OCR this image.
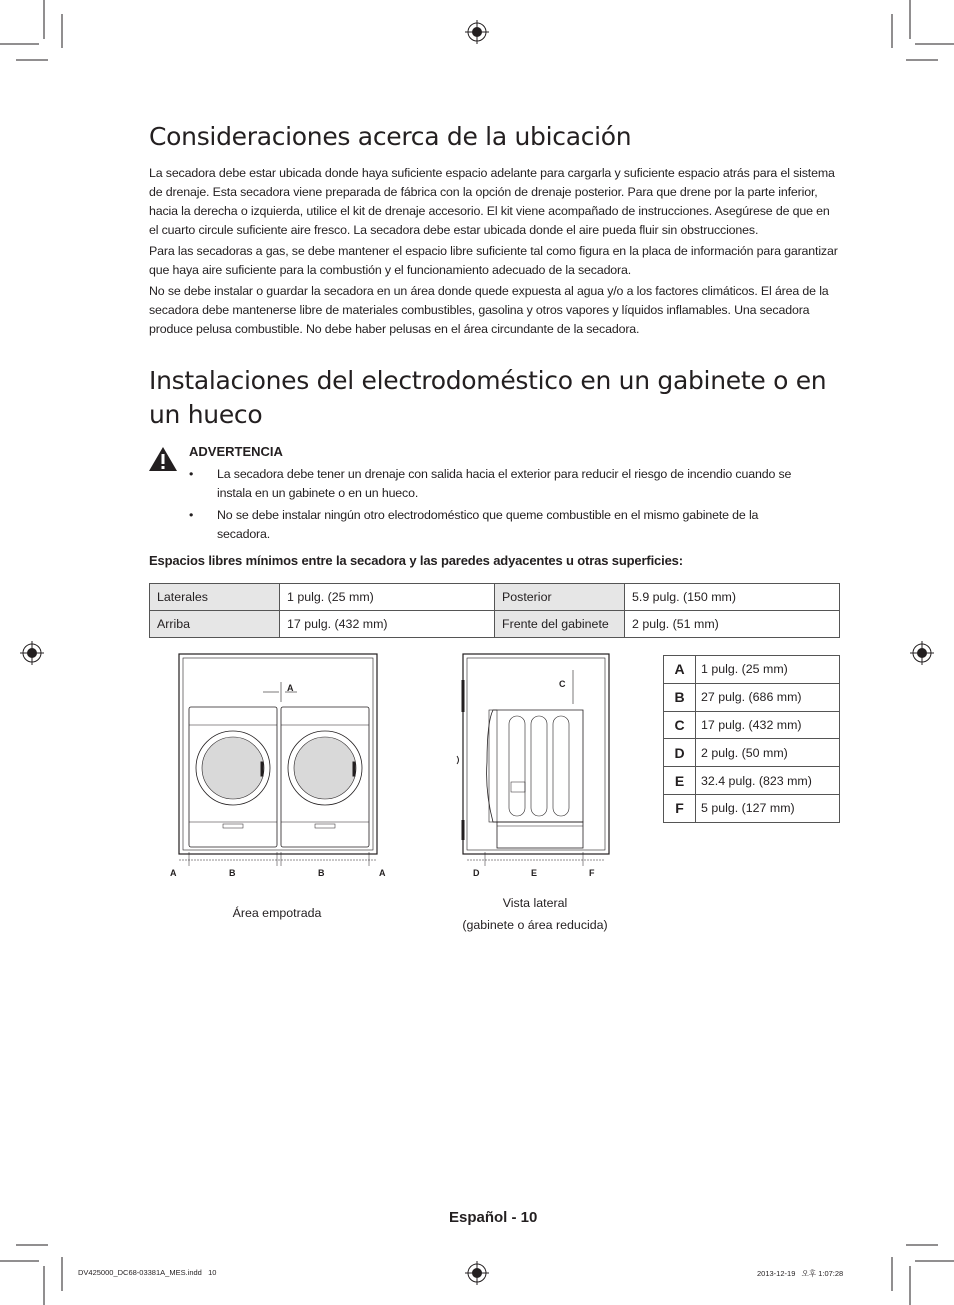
Consideraciones acerca de la ubicación

La secadora debe estar ubicada donde haya suficiente espacio adelante para cargarla y suficiente espacio atrás para el sistema de drenaje. Esta secadora viene preparada de fábrica con la opción de drenaje posterior. Para que drene por la parte inferior, hacia la derecha o izquierda, utilice el kit de drenaje accesorio. El kit viene acompañado de instrucciones. Asegúrese de que en el cuarto circule suficiente aire fresco. La secadora debe estar ubicada donde el aire pueda fluir sin obstrucciones.

Para las secadoras a gas, se debe mantener el espacio libre suficiente tal como figura en la placa de información para garantizar que haya aire suficiente para la combustión y el funcionamiento adecuado de la secadora.

No se debe instalar o guardar la secadora en un área donde quede expuesta al agua y/o a los factores climáticos. El área de la secadora debe mantenerse libre de materiales combustibles, gasolina y otros vapores y líquidos inflamables. Una secadora produce pelusa combustible. No debe haber pelusas en el área circundante de la secadora.

Instalaciones del electrodoméstico en un gabinete o en un hueco
ADVERTENCIA
• La secadora debe tener un drenaje con salida hacia el exterior para reducir el riesgo de incendio cuando se instala en un gabinete o en un hueco.
• No se debe instalar ningún otro electrodoméstico que queme combustible en el mismo gabinete de la secadora.
Espacios libres mínimos entre la secadora y las paredes adyacentes u otras superficies:
Laterales	1 pulg. (25 mm)	Posterior	5.9 pulg. (150 mm)
Arriba	17 pulg. (432 mm)	Frente del gabinete	2 pulg. (51 mm)
A
A	B	B	A
Área empotrada
C
D	E	F
Vista lateral
(gabinete o área reducida)
A	1 pulg. (25 mm)
B	27 pulg. (686 mm)
C	17 pulg. (432 mm)
D	2 pulg. (50 mm)
E	32.4 pulg. (823 mm)
F	5 pulg. (127 mm)
Español - 10
DV425000_DC68-03381A_MES.indd   10	2013-12-19   오후 1:07:28
